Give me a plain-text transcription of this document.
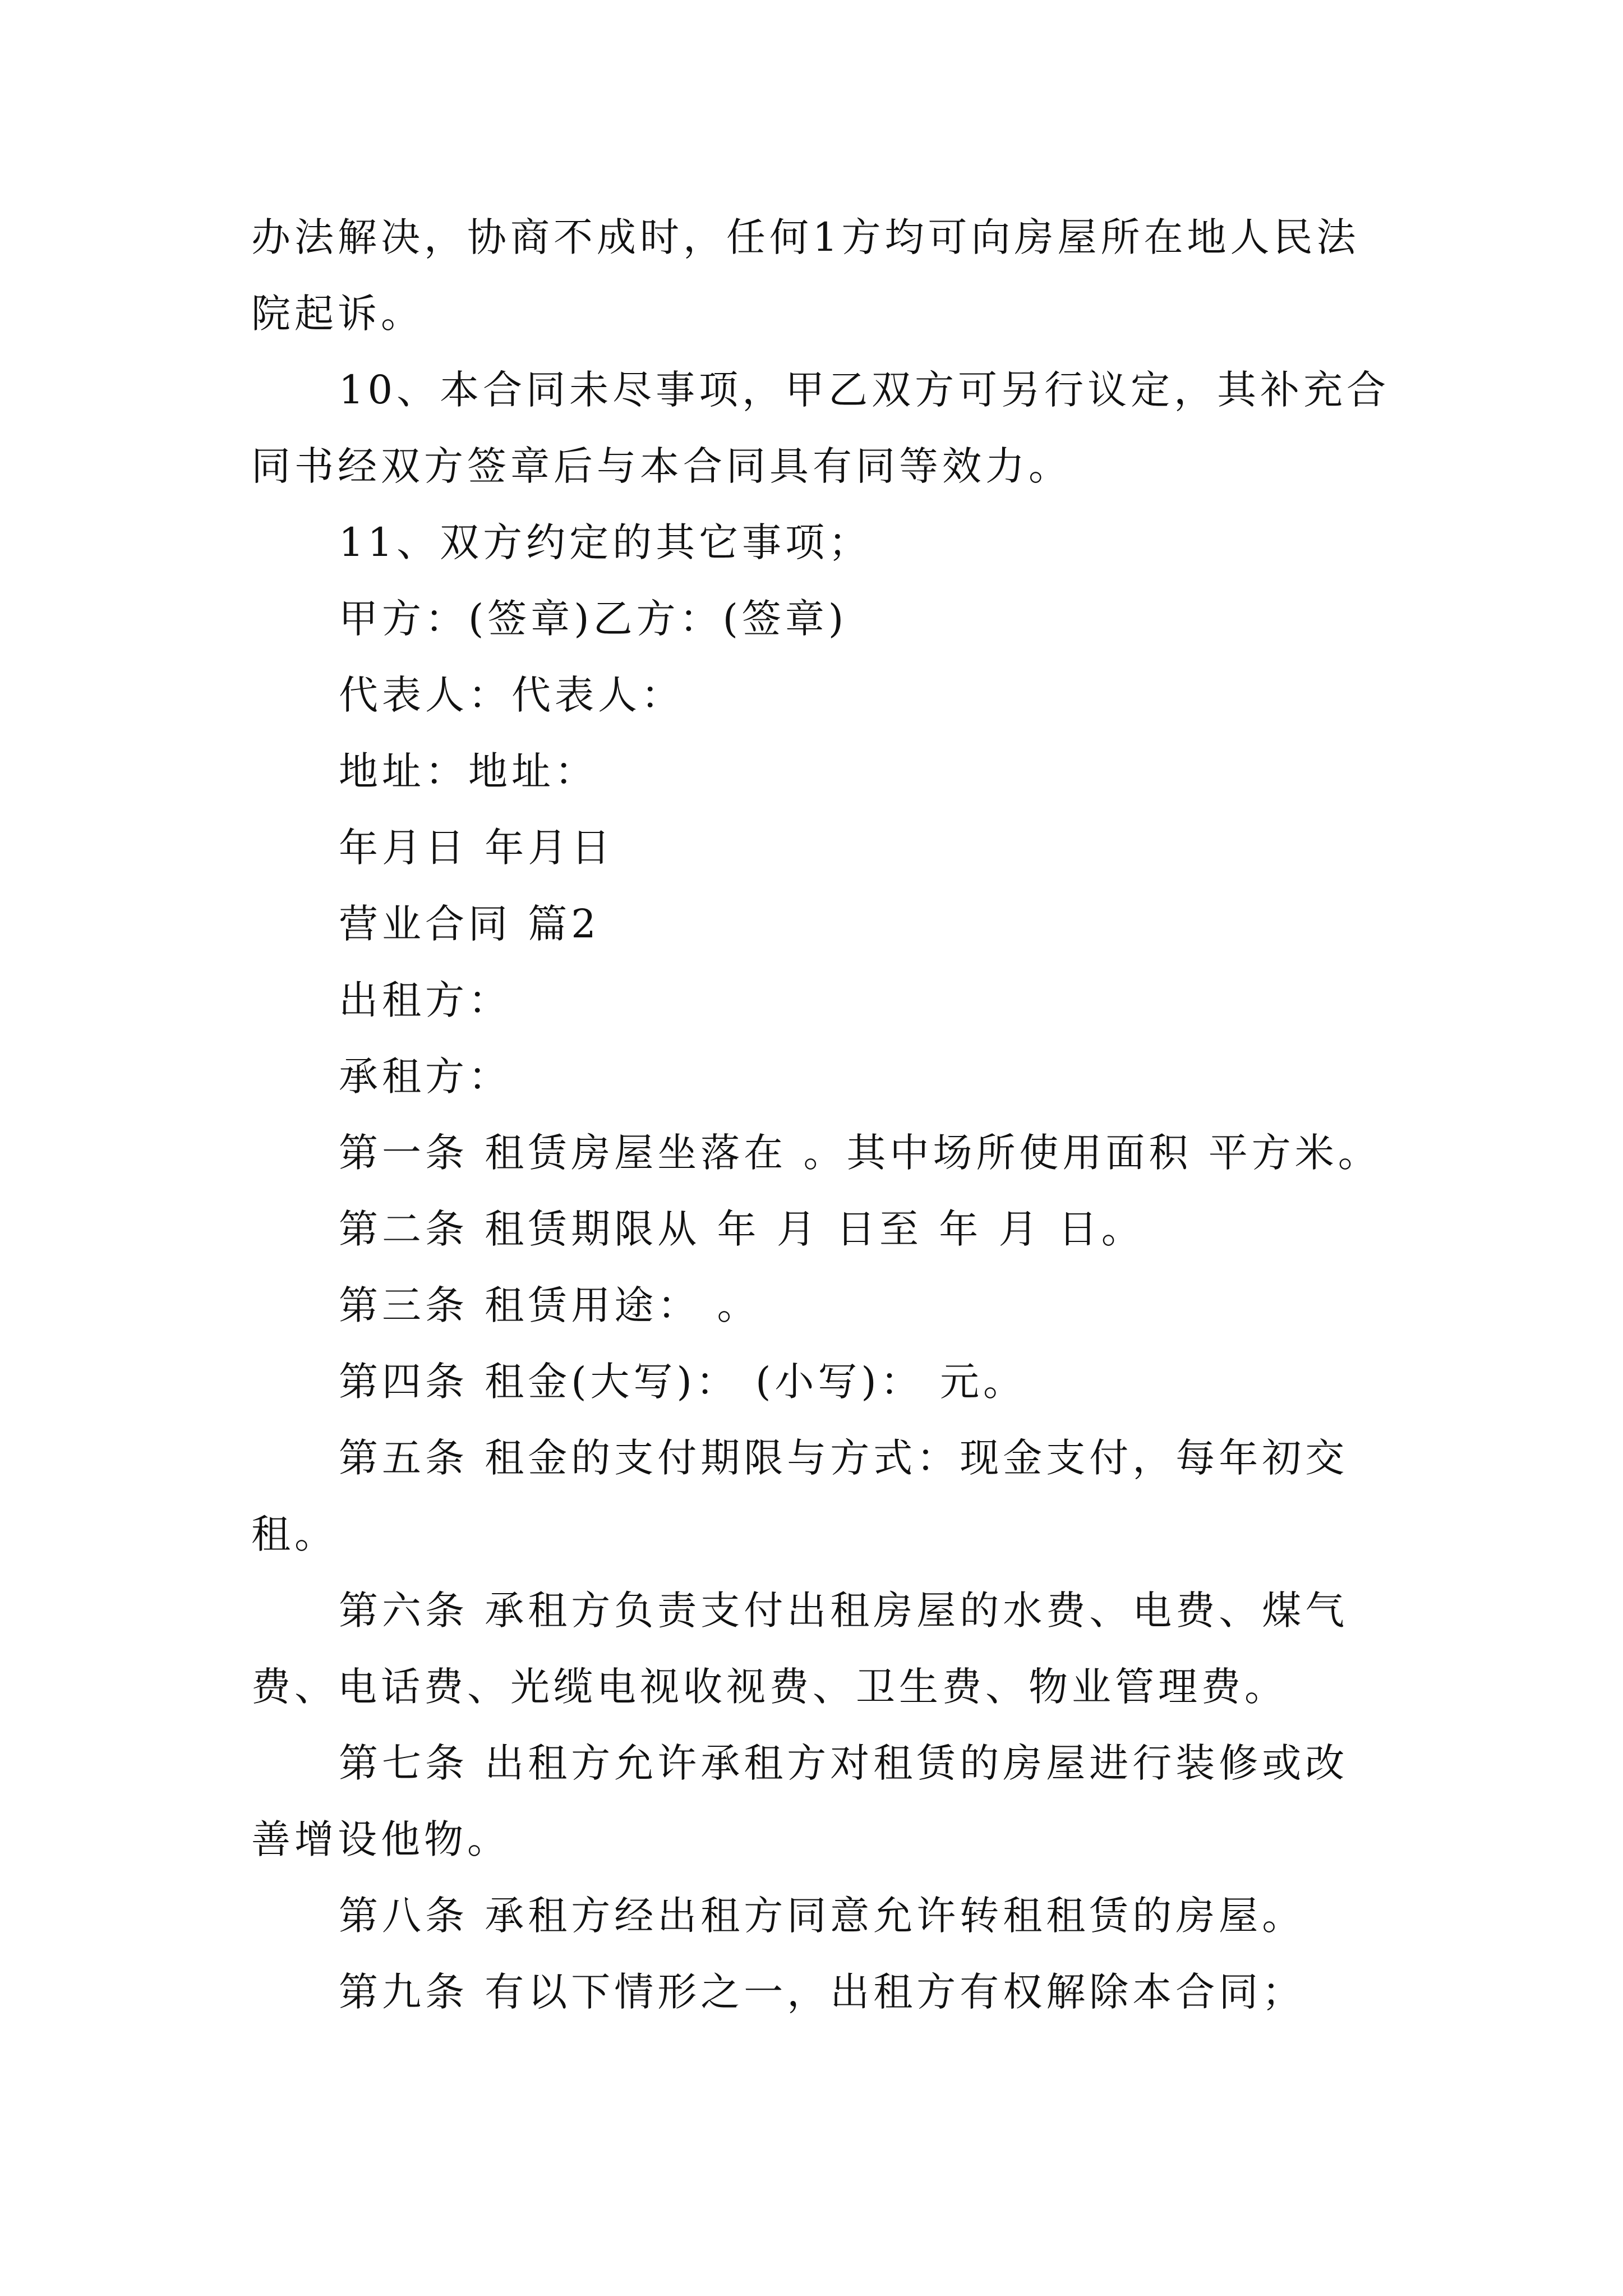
办法解决，协商不成时，任何1方均可向房屋所在地人民法
院起诉。
10、本合同未尽事项，甲乙双方可另行议定，其补充合
同书经双方签章后与本合同具有同等效力。
11、双方约定的其它事项；
甲方：(签章)乙方：(签章)
代表人：代表人：
地址：地址：
年月日 年月日
营业合同 篇2
出租方：
承租方：
第一条 租赁房屋坐落在 。其中场所使用面积 平方米。
第二条 租赁期限从 年 月 日至 年 月 日。
第三条 租赁用途： 。
第四条 租金(大写)： (小写)： 元。
第五条 租金的支付期限与方式：现金支付，每年初交
租。
第六条 承租方负责支付出租房屋的水费、电费、煤气
费、电话费、光缆电视收视费、卫生费、物业管理费。
第七条 出租方允许承租方对租赁的房屋进行装修或改
善增设他物。
第八条 承租方经出租方同意允许转租租赁的房屋。
第九条 有以下情形之一，出租方有权解除本合同；
